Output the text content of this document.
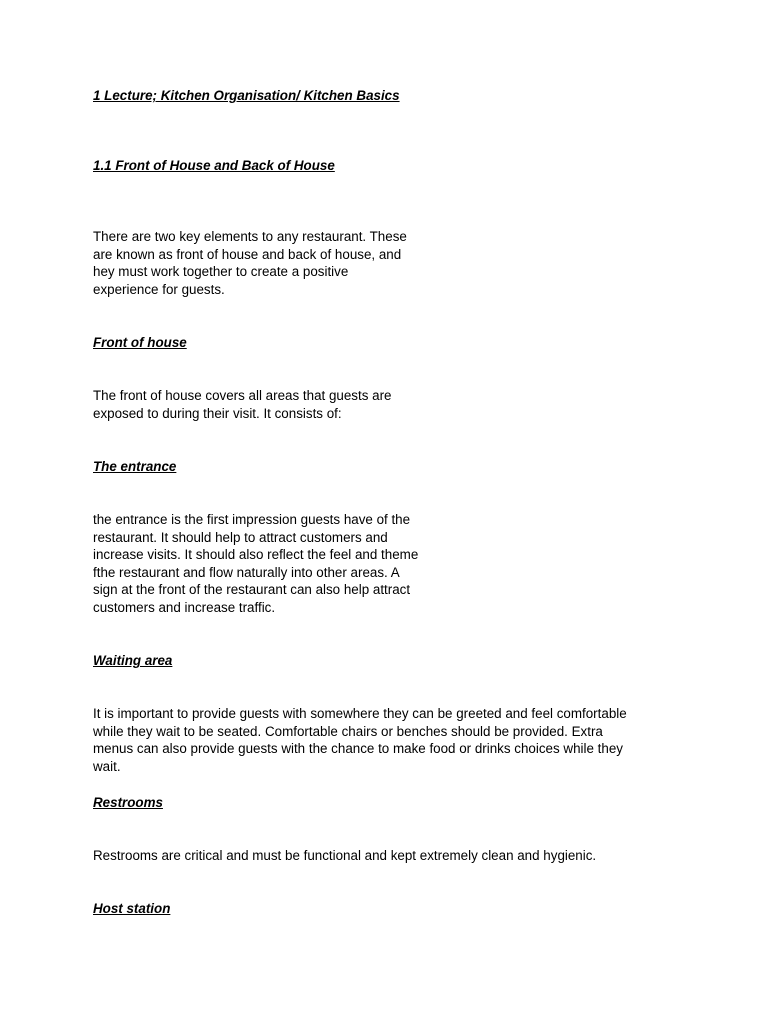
1 Lecture; Kitchen Organisation/ Kitchen Basics
1.1 Front of House and Back of House
There are two key elements to any restaurant. These
are known as front of house and back of house, and
hey must work together to create a positive
experience for guests.
Front of house
The front of house covers all areas that guests are
exposed to during their visit. It consists of:
The entrance
the entrance is the first impression guests have of the
restaurant. It should help to attract customers and
increase visits. It should also reflect the feel and theme
fthe restaurant and flow naturally into other areas. A
sign at the front of the restaurant can also help attract
customers and increase traffic.
Waiting area
It is important to provide guests with somewhere they can be greeted and feel comfortable
while they wait to be seated. Comfortable chairs or benches should be provided. Extra
menus can also provide guests with the chance to make food or drinks choices while they
wait.
Restrooms
Restrooms are critical and must be functional and kept extremely clean and hygienic.
Host station
